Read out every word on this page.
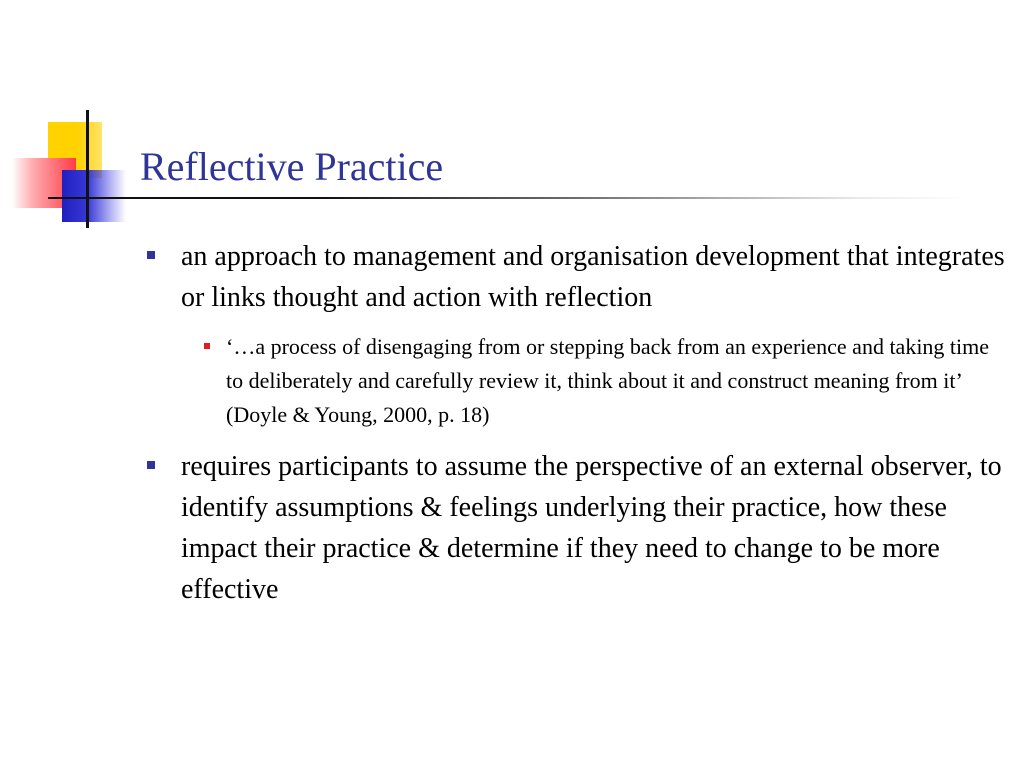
Reflective Practice
an approach to management and organisation development that integrates or links thought and action with reflection
‘…a process of disengaging from or stepping back from an experience and taking time to deliberately and carefully review it, think about it and construct meaning from it’ (Doyle & Young, 2000, p. 18)
requires participants to assume the perspective of an external observer, to identify assumptions & feelings underlying their practice, how these impact their practice & determine if they need to change to be more effective
